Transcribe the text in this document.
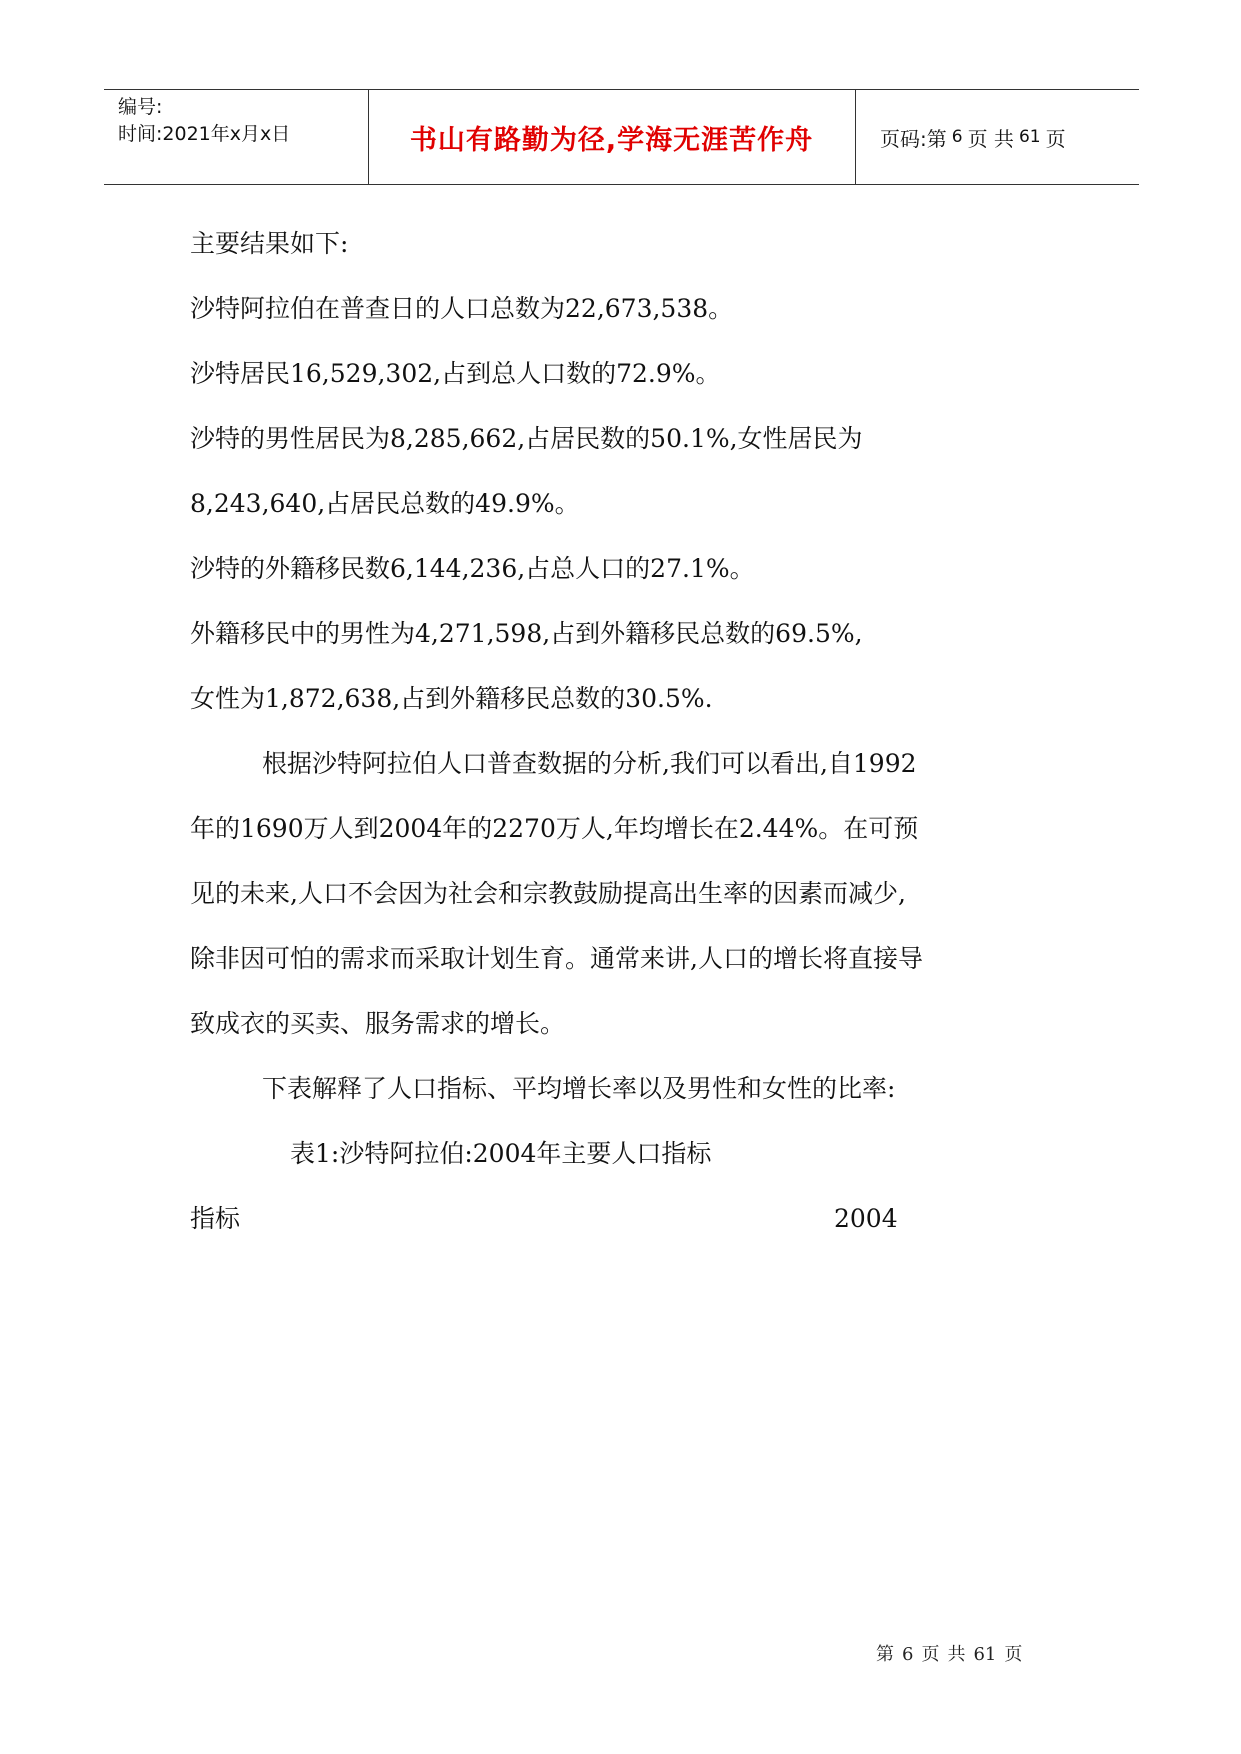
编号:
时间:2021年x月x日	书山有路勤为径,学海无涯苦作舟	页码:第 6 页 共 61 页
主要结果如下:
沙特阿拉伯在普查日的人口总数为22,673,538。
沙特居民16,529,302,占到总人口数的72.9%。
沙特的男性居民为8,285,662,占居民数的50.1%,女性居民为
8,243,640,占居民总数的49.9%。
沙特的外籍移民数6,144,236,占总人口的27.1%。
外籍移民中的男性为4,271,598,占到外籍移民总数的69.5%,
女性为1,872,638,占到外籍移民总数的30.5%.
根据沙特阿拉伯人口普查数据的分析,我们可以看出,自1992
年的1690万人到2004年的2270万人,年均增长在2.44%。在可预
见的未来,人口不会因为社会和宗教鼓励提高出生率的因素而减少,
除非因可怕的需求而采取计划生育。通常来讲,人口的增长将直接导
致成衣的买卖、服务需求的增长。
下表解释了人口指标、平均增长率以及男性和女性的比率:
表1:沙特阿拉伯:2004年主要人口指标
指标	2004
第 6 页 共 61 页
